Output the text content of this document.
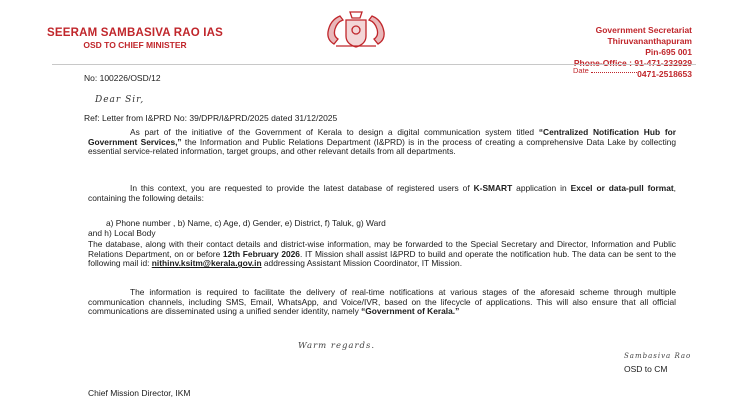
SEERAM SAMBASIVA RAO IAS
OSD TO CHIEF MINISTER
Government Secretariat
Thiruvananthapuram
Pin-695 001
Phone-Office : 91-471-232929
0471-2518653
Date
No: 100226/OSD/12
Dear Sir,
Ref: Letter from I&PRD No: 39/DPR/I&PRD/2025 dated 31/12/2025
As part of the initiative of the Government of Kerala to design a digital communication system titled “Centralized Notification Hub for Government Services,” the Information and Public Relations Department (I&PRD) is in the process of creating a comprehensive Data Lake by collecting essential service-related information, target groups, and other relevant details from all departments.
In this context, you are requested to provide the latest database of registered users of K-SMART application in Excel or data-pull format, containing the following details:
a) Phone number , b) Name, c) Age, d) Gender, e) District, f) Taluk, g) Ward
and h) Local Body
The database, along with their contact details and district-wise information, may be forwarded to the Special Secretary and Director, Information and Public Relations Department, on or before 12th February 2026. IT Mission shall assist I&PRD to build and operate the notification hub. The data can be sent to the following mail id: nithinv.ksitm@kerala.gov.in addressing Assistant Mission Coordinator, IT Mission.
The information is required to facilitate the delivery of real-time notifications at various stages of the aforesaid scheme through multiple communication channels, including SMS, Email, WhatsApp, and Voice/IVR, based on the lifecycle of applications. This will also ensure that all official communications are disseminated using a unified sender identity, namely “Government of Kerala.”
Warm regards.
Sambasiva Rao
OSD to CM
Chief Mission Director, IKM
